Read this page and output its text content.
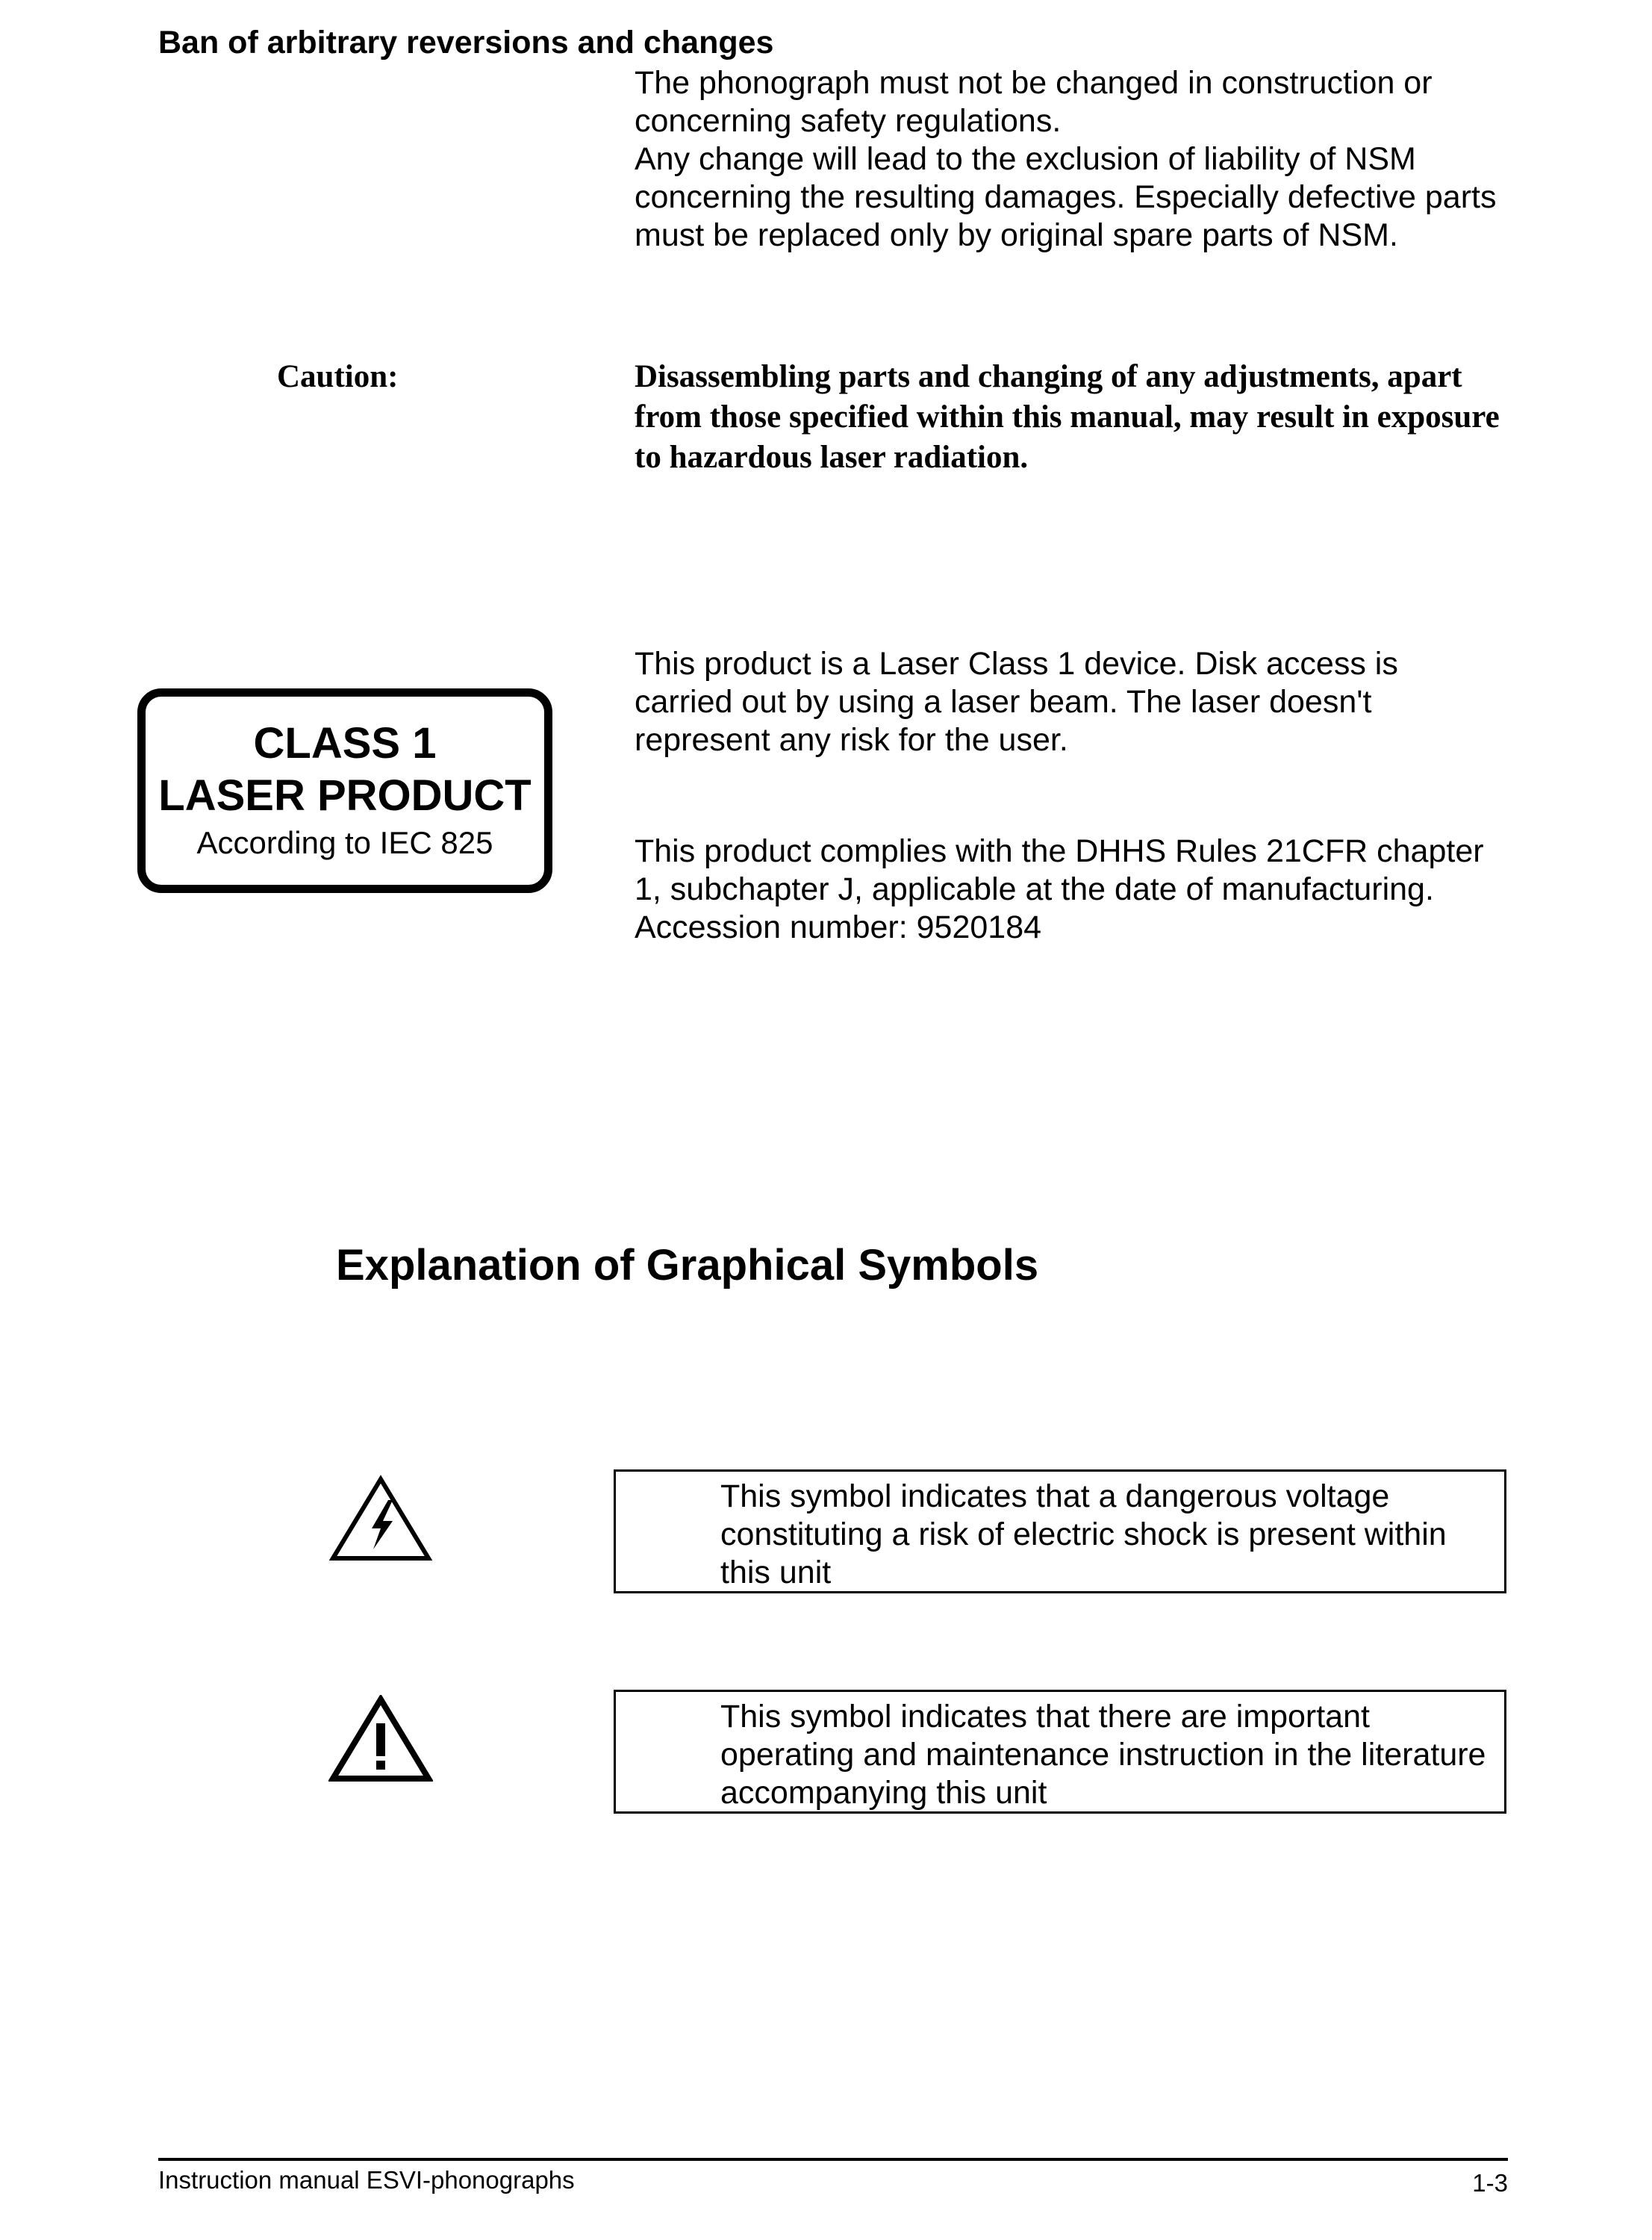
Ban of arbitrary reversions and changes

The phonograph must not be changed in construction or concerning safety regulations.

Any change will lead to the exclusion of liability of NSM concerning the resulting damages. Especially defective parts must be replaced only by original spare parts of NSM.

Caution:	Disassembling parts and changing of any adjustments, apart from those specified within this manual, may result in exposure to hazardous laser radiation.
CLASS 1
LASER PRODUCT
According to IEC 825
This product is a Laser Class 1 device. Disk access is carried out by using a laser beam. The laser doesn't represent any risk for the user.
This product complies with the DHHS Rules 21CFR chapter 1, subchapter J, applicable at the date of manufacturing. Accession number: 9520184
Explanation of Graphical Symbols
This symbol indicates that a dangerous voltage constituting a risk of electric shock is present within this unit
This symbol indicates that there are important operating and maintenance instruction in the literature accompanying this unit
Instruction manual ESVI-phonographs	1-3
